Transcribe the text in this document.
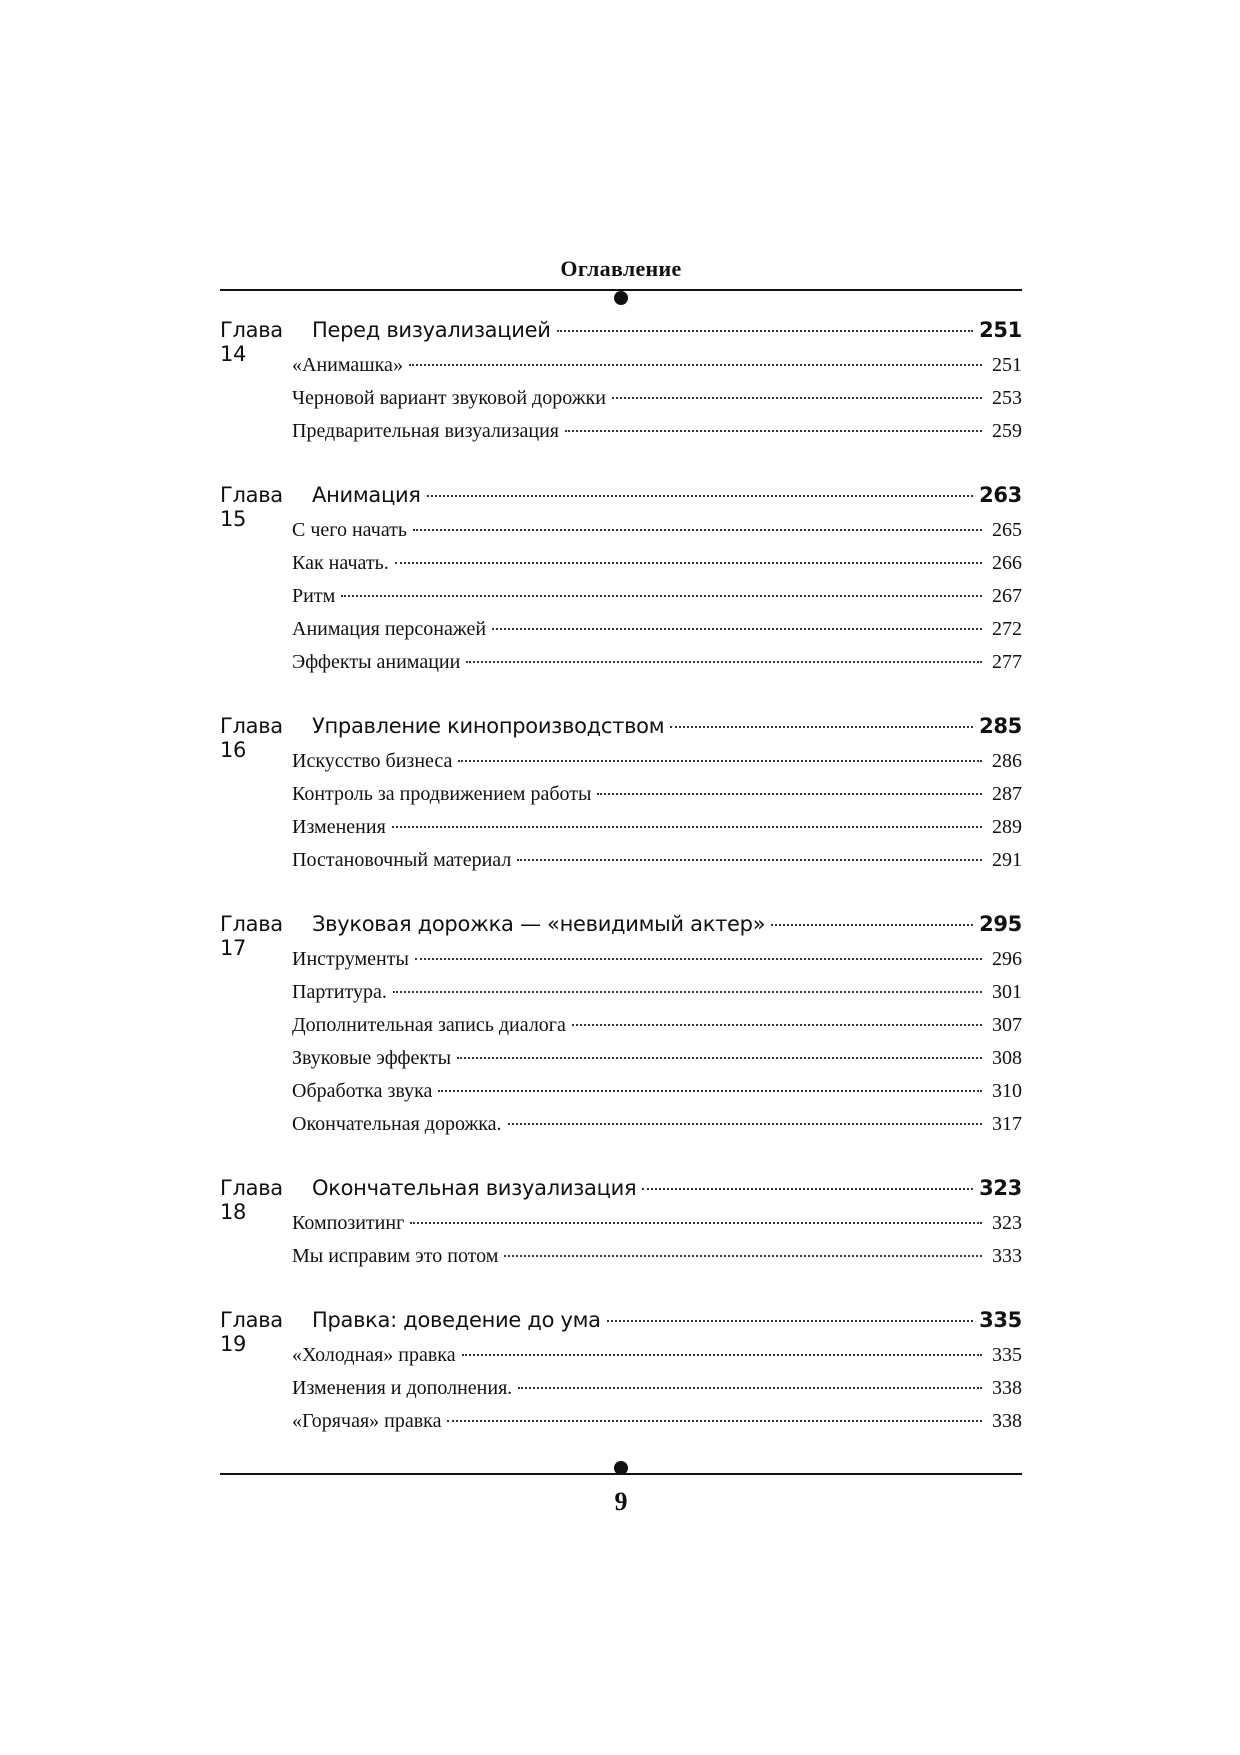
Оглавление
Глава 14
Перед визуализацией	251
«Анимашка»	251
Черновой вариант звуковой дорожки	253
Предварительная визуализация	259
Глава 15
Анимация	263
С чего начать	265
Как начать.	266
Ритм	267
Анимация персонажей	272
Эффекты анимации	277
Глава 16
Управление кинопроизводством	285
Искусство бизнеса	286
Контроль за продвижением работы	287
Изменения	289
Постановочный материал	291
Глава 17
Звуковая дорожка — «невидимый актер»	295
Инструменты	296
Партитура.	301
Дополнительная запись диалога	307
Звуковые эффекты	308
Обработка звука	310
Окончательная дорожка.	317
Глава 18
Окончательная визуализация	323
Композитинг	323
Мы исправим это потом	333
Глава 19
Правка: доведение до ума	335
«Холодная» правка	335
Изменения и дополнения.	338
«Горячая» правка	338
9
